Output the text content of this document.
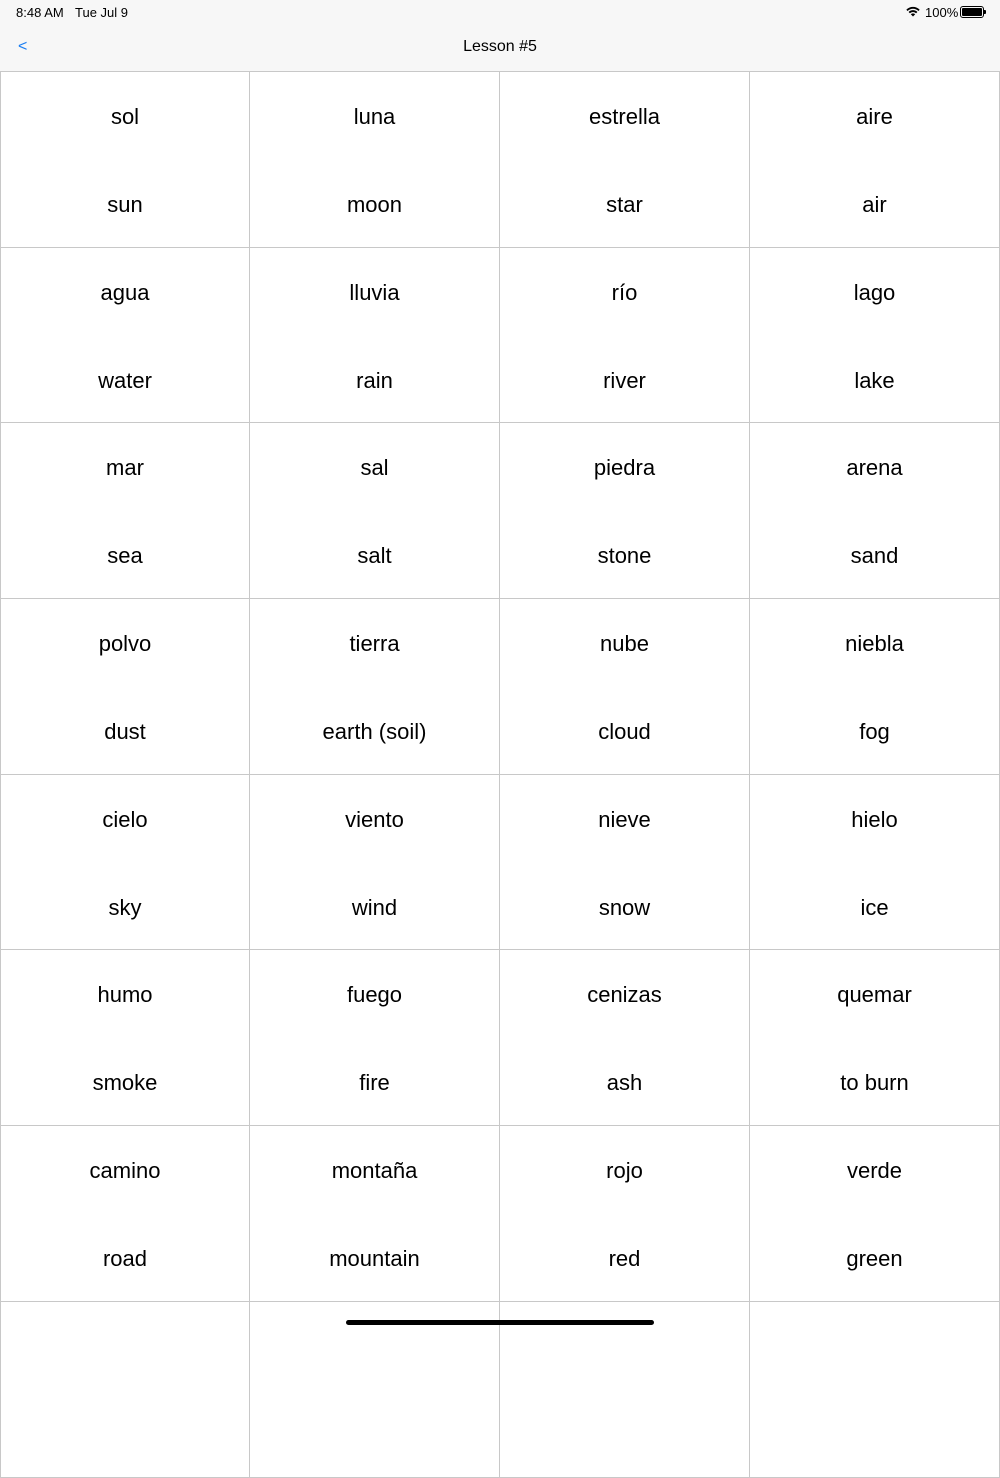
8:48 AM Tue Jul 9	100%
<	Lesson #5
sol
sun
luna
moon
estrella
star
aire
air
agua
water
lluvia
rain
río
river
lago
lake
mar
sea
sal
salt
piedra
stone
arena
sand
polvo
dust
tierra
earth (soil)
nube
cloud
niebla
fog
cielo
sky
viento
wind
nieve
snow
hielo
ice
humo
smoke
fuego
fire
cenizas
ash
quemar
to burn
camino
road
montaña
mountain
rojo
red
verde
green
